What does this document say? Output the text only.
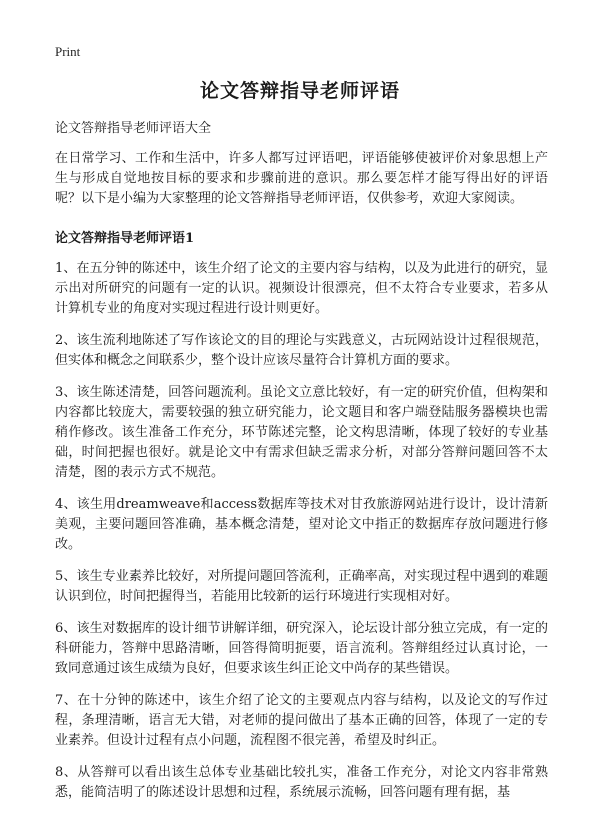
Print
论文答辩指导老师评语

论文答辩指导老师评语大全

在日常学习、工作和生活中，许多人都写过评语吧，评语能够使被评价对象思想上产生与形成自觉地按目标的要求和步骤前进的意识。那么要怎样才能写得出好的评语呢？以下是小编为大家整理的论文答辩指导老师评语，仅供参考，欢迎大家阅读。

论文答辩指导老师评语1

1、在五分钟的陈述中，该生介绍了论文的主要内容与结构，以及为此进行的研究，显示出对所研究的问题有一定的认识。视频设计很漂亮，但不太符合专业要求，若多从计算机专业的角度对实现过程进行设计则更好。

2、该生流利地陈述了写作该论文的目的理论与实践意义，古玩网站设计过程很规范，但实体和概念之间联系少，整个设计应该尽量符合计算机方面的要求。

3、该生陈述清楚，回答问题流利。虽论文立意比较好，有一定的研究价值，但构架和内容都比较庞大，需要较强的独立研究能力，论文题目和客户端登陆服务器模块也需稍作修改。该生准备工作充分，环节陈述完整，论文构思清晰，体现了较好的专业基础，时间把握也很好。就是论文中有需求但缺乏需求分析，对部分答辩问题回答不太清楚，图的表示方式不规范。

4、该生用dreamweave和access数据库等技术对甘孜旅游网站进行设计，设计清新美观，主要问题回答准确，基本概念清楚，望对论文中指正的数据库存放问题进行修改。

5、该生专业素养比较好，对所提问题回答流利，正确率高，对实现过程中遇到的难题认识到位，时间把握得当，若能用比较新的运行环境进行实现相对好。

6、该生对数据库的设计细节讲解详细，研究深入，论坛设计部分独立完成，有一定的科研能力，答辩中思路清晰，回答得简明扼要，语言流利。答辩组经过认真讨论，一致同意通过该生成绩为良好，但要求该生纠正论文中尚存的某些错误。

7、在十分钟的陈述中，该生介绍了论文的主要观点内容与结构，以及论文的写作过程，条理清晰，语言无大错，对老师的提问做出了基本正确的回答，体现了一定的专业素养。但设计过程有点小问题，流程图不很完善，希望及时纠正。

8、从答辩可以看出该生总体专业基础比较扎实，准备工作充分，对论文内容非常熟悉，能简洁明了的陈述设计思想和过程，系统展示流畅，回答问题有理有据，基
